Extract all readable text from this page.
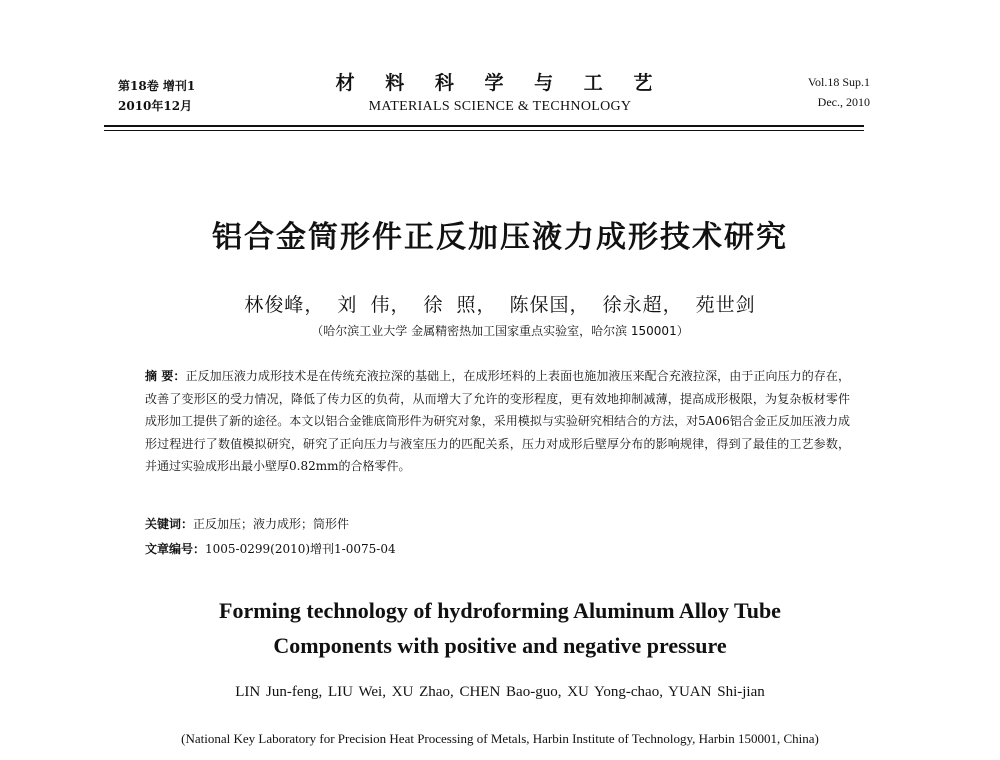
第18卷 增刊1
2010年12月
材 料 科 学 与 工 艺
MATERIALS SCIENCE & TECHNOLOGY
Vol.18 Sup.1
Dec., 2010
铝合金筒形件正反加压液力成形技术研究
林俊峰， 刘 伟， 徐 照， 陈保国， 徐永超， 苑世剑
（哈尔滨工业大学 金属精密热加工国家重点实验室，哈尔滨 150001）
摘 要：正反加压液力成形技术是在传统充液拉深的基础上，在成形坯料的上表面也施加液压来配合充液拉深，由于正向压力的存在，改善了变形区的受力情况，降低了传力区的负荷，从而增大了允许的变形程度，更有效地抑制减薄，提高成形极限，为复杂板材零件成形加工提供了新的途径。本文以铝合金锥底筒形件为研究对象，采用模拟与实验研究相结合的方法，对5A06铝合金正反加压液力成形过程进行了数值模拟研究，研究了正向压力与液室压力的匹配关系，压力对成形后壁厚分布的影响规律，得到了最佳的工艺参数，并通过实验成形出最小壁厚0.82mm的合格零件。
关键词：正反加压；液力成形；筒形件
文章编号：1005-0299(2010)增刊1-0075-04
Forming technology of hydroforming Aluminum Alloy Tube
Components with positive and negative pressure
LIN Jun-feng, LIU Wei, XU Zhao, CHEN Bao-guo, XU Yong-chao, YUAN Shi-jian
(National Key Laboratory for Precision Heat Processing of Metals, Harbin Institute of Technology, Harbin 150001, China)
